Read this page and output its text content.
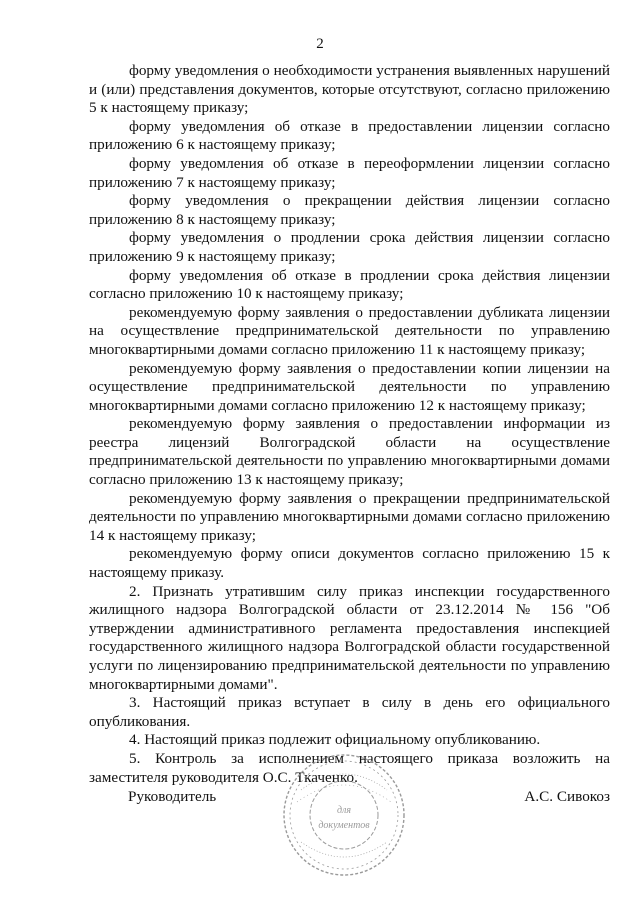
2

форму уведомления о необходимости устранения выявленных нарушений и (или) представления документов, которые отсутствуют, согласно приложению 5 к настоящему приказу;

форму уведомления об отказе в предоставлении лицензии согласно приложению 6 к настоящему приказу;

форму уведомления об отказе в переоформлении лицензии согласно приложению 7 к настоящему приказу;

форму уведомления о прекращении действия лицензии согласно приложению 8 к настоящему приказу;

форму уведомления о продлении срока действия лицензии согласно приложению 9 к настоящему приказу;

форму уведомления об отказе в продлении срока действия лицензии согласно приложению 10 к настоящему приказу;

рекомендуемую форму заявления о предоставлении дубликата лицензии на осуществление предпринимательской деятельности по управлению многоквартирными домами согласно приложению 11 к настоящему приказу;

рекомендуемую форму заявления о предоставлении копии лицензии на осуществление предпринимательской деятельности по управлению многоквартирными домами согласно приложению 12 к настоящему приказу;

рекомендуемую форму заявления о предоставлении информации из реестра лицензий Волгоградской области на осуществление предпринимательской деятельности по управлению многоквартирными домами согласно приложению 13 к настоящему приказу;

рекомендуемую форму заявления о прекращении предпринимательской деятельности по управлению многоквартирными домами согласно приложению 14 к настоящему приказу;

рекомендуемую форму описи документов согласно приложению 15 к настоящему приказу.

2. Признать утратившим силу приказ инспекции государственного жилищного надзора Волгоградской области от 23.12.2014 № 156 "Об утверждении административного регламента предоставления инспекцией государственного жилищного надзора Волгоградской области государственной услуги по лицензированию предпринимательской деятельности по управлению многоквартирными домами".

3. Настоящий приказ вступает в силу в день его официального опубликования.

4. Настоящий приказ подлежит официальному опубликованию.

5. Контроль за исполнением настоящего приказа возложить на заместителя руководителя О.С. Ткаченко.

Руководитель	А.С. Сивокоз
для
документов
